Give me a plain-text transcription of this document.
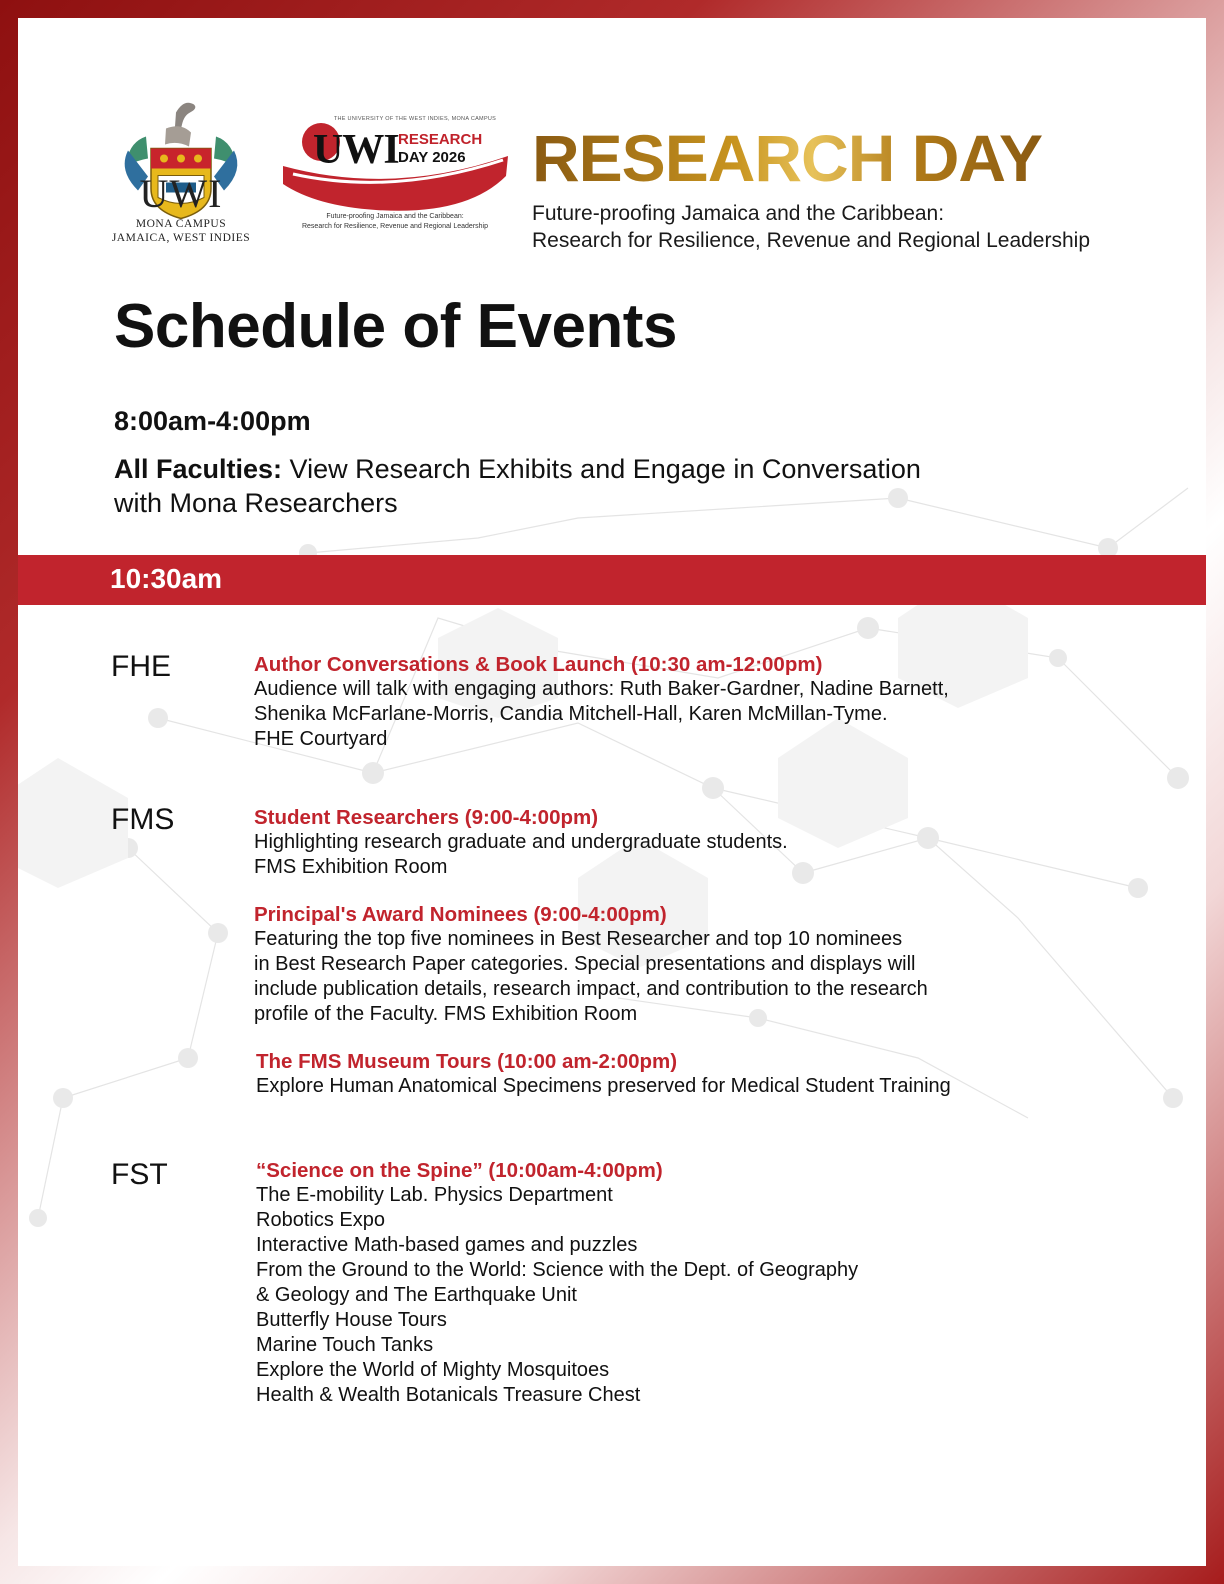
UWI
MONA CAMPUS
JAMAICA, WEST INDIES
THE UNIVERSITY OF THE WEST INDIES, MONA CAMPUS
UWI RESEARCH
DAY 2026
Future-proofing Jamaica and the Caribbean:
Research for Resilience, Revenue and Regional Leadership
RESEARCH DAY
Future-proofing Jamaica and the Caribbean:
Research for Resilience, Revenue and Regional Leadership
Schedule of Events
8:00am-4:00pm
All Faculties: View Research Exhibits and Engage in Conversation
with Mona Researchers
10:30am
FHE	Author Conversations & Book Launch (10:30 am-12:00pm)
Audience will talk with engaging authors: Ruth Baker-Gardner, Nadine Barnett,
Shenika McFarlane-Morris, Candia Mitchell-Hall, Karen McMillan-Tyme.
FHE Courtyard
FMS	Student Researchers (9:00-4:00pm)
Highlighting research graduate and undergraduate students.
FMS Exhibition Room
Principal's Award Nominees (9:00-4:00pm)
Featuring the top five nominees in Best Researcher and top 10 nominees
in Best Research Paper categories. Special presentations and displays will
include publication details, research impact, and contribution to the research
profile of the Faculty. FMS Exhibition Room
The FMS Museum Tours (10:00 am-2:00pm)
Explore Human Anatomical Specimens preserved for Medical Student Training
FST	“Science on the Spine” (10:00am-4:00pm)
The E-mobility Lab. Physics Department
Robotics Expo
Interactive Math-based games and puzzles
From the Ground to the World: Science with the Dept. of Geography
& Geology and The Earthquake Unit
Butterfly House Tours
Marine Touch Tanks
Explore the World of Mighty Mosquitoes
Health & Wealth Botanicals Treasure Chest
